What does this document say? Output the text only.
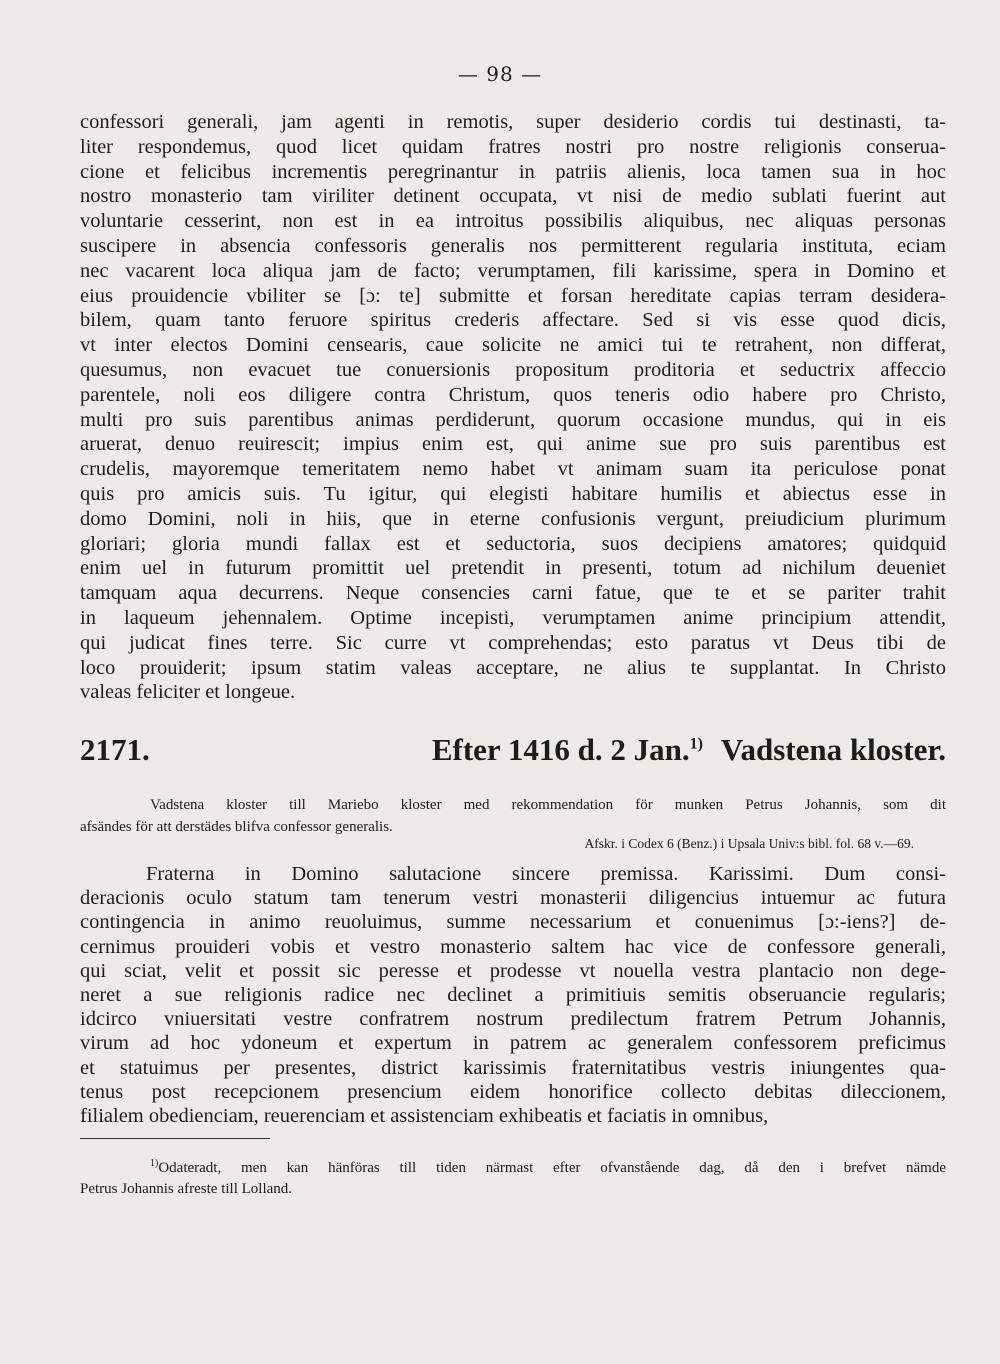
— 98 —
confessori generali, jam agenti in remotis, super desiderio cordis tui destinasti, ta-
liter respondemus, quod licet quidam fratres nostri pro nostre religionis conserua-
cione et felicibus incrementis peregrinantur in patriis alienis, loca tamen sua in hoc
nostro monasterio tam viriliter detinent occupata, vt nisi de medio sublati fuerint aut
voluntarie cesserint, non est in ea introitus possibilis aliquibus, nec aliquas personas
suscipere in absencia confessoris generalis nos permitterent regularia instituta, eciam
nec vacarent loca aliqua jam de facto; verumptamen, fili karissime, spera in Domino et
eius prouidencie vbiliter se [ɔ: te] submitte et forsan hereditate capias terram desidera-
bilem, quam tanto feruore spiritus crederis affectare. Sed si vis esse quod dicis,
vt inter electos Domini censearis, caue solicite ne amici tui te retrahent, non differat,
quesumus, non evacuet tue conuersionis propositum proditoria et seductrix affeccio
parentele, noli eos diligere contra Christum, quos teneris odio habere pro Christo,
multi pro suis parentibus animas perdiderunt, quorum occasione mundus, qui in eis
aruerat, denuo reuirescit; impius enim est, qui anime sue pro suis parentibus est
crudelis, mayoremque temeritatem nemo habet vt animam suam ita periculose ponat
quis pro amicis suis. Tu igitur, qui elegisti habitare humilis et abiectus esse in
domo Domini, noli in hiis, que in eterne confusionis vergunt, preiudicium plurimum
gloriari; gloria mundi fallax est et seductoria, suos decipiens amatores; quidquid
enim uel in futurum promittit uel pretendit in presenti, totum ad nichilum deueniet
tamquam aqua decurrens. Neque consencies carni fatue, que te et se pariter trahit
in laqueum jehennalem. Optime incepisti, verumptamen anime principium attendit,
qui judicat fines terre. Sic curre vt comprehendas; esto paratus vt Deus tibi de
loco prouiderit; ipsum statim valeas acceptare, ne alius te supplantat. In Christo
valeas feliciter et longeue.
2171.	Efter 1416 d. 2 Jan.$^{1)}$ Vadstena kloster.
Vadstena kloster till Mariebo kloster med rekommendation för munken Petrus Johannis, som dit
afsändes för att derstädes blifva confessor generalis.
Afskr. i Codex 6 (Benz.) i Upsala Univ:s bibl. fol. 68 v.—69.
Fraterna in Domino salutacione sincere premissa. Karissimi. Dum consi-
deracionis oculo statum tam tenerum vestri monasterii diligencius intuemur ac futura
contingencia in animo reuoluimus, summe necessarium et conuenimus [ɔ:-iens?] de-
cernimus prouideri vobis et vestro monasterio saltem hac vice de confessore generali,
qui sciat, velit et possit sic peresse et prodesse vt nouella vestra plantacio non dege-
neret a sue religionis radice nec declinet a primitiuis semitis obseruancie regularis;
idcirco vniuersitati vestre confratrem nostrum predilectum fratrem Petrum Johannis,
virum ad hoc ydoneum et expertum in patrem ac generalem confessorem preficimus
et statuimus per presentes, district karissimis fraternitatibus vestris iniungentes qua-
tenus post recepcionem presencium eidem honorifice collecto debitas dileccionem,
filialem obedienciam, reuerenciam et assistenciam exhibeatis et faciatis in omnibus,
$^{1)}$Odateradt, men kan hänföras till tiden närmast efter ofvanstående dag, då den i brefvet nämde
Petrus Johannis afreste till Lolland.
